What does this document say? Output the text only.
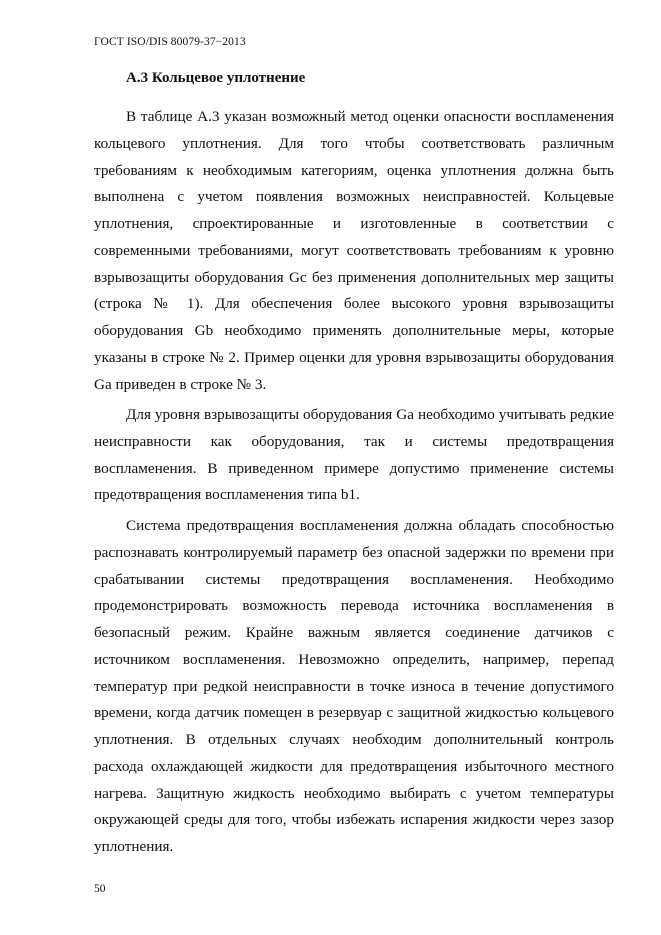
ГОСТ ISO/DIS 80079-37−2013
А.3 Кольцевое уплотнение

В таблице А.3 указан возможный метод оценки опасности воспламенения кольцевого уплотнения. Для того чтобы соответствовать различным требованиям к необходимым категориям, оценка уплотнения должна быть выполнена с учетом появления возможных неисправностей. Кольцевые уплотнения, спроектированные и изготовленные в соответствии с современными требованиями, могут соответствовать требованиям к уровню взрывозащиты оборудования Gc без применения дополнительных мер защиты (строка № 1). Для обеспечения более высокого уровня взрывозащиты оборудования Gb необходимо применять дополнительные меры, которые указаны в строке № 2. Пример оценки для уровня взрывозащиты оборудования Ga приведен в строке № 3.

Для уровня взрывозащиты оборудования Ga необходимо учитывать редкие неисправности как оборудования, так и системы предотвращения воспламенения. В приведенном примере допустимо применение системы предотвращения воспламенения типа b1.

Система предотвращения воспламенения должна обладать способностью распознавать контролируемый параметр без опасной задержки по времени при срабатывании системы предотвращения воспламенения. Необходимо продемонстрировать возможность перевода источника воспламенения в безопасный режим. Крайне важным является соединение датчиков с источником воспламенения. Невозможно определить, например, перепад температур при редкой неисправности в точке износа в течение допустимого времени, когда датчик помещен в резервуар с защитной жидкостью кольцевого уплотнения. В отдельных случаях необходим дополнительный контроль расхода охлаждающей жидкости для предотвращения избыточного местного нагрева. Защитную жидкость необходимо выбирать с учетом температуры окружающей среды для того, чтобы избежать испарения жидкости через зазор уплотнения.

50
